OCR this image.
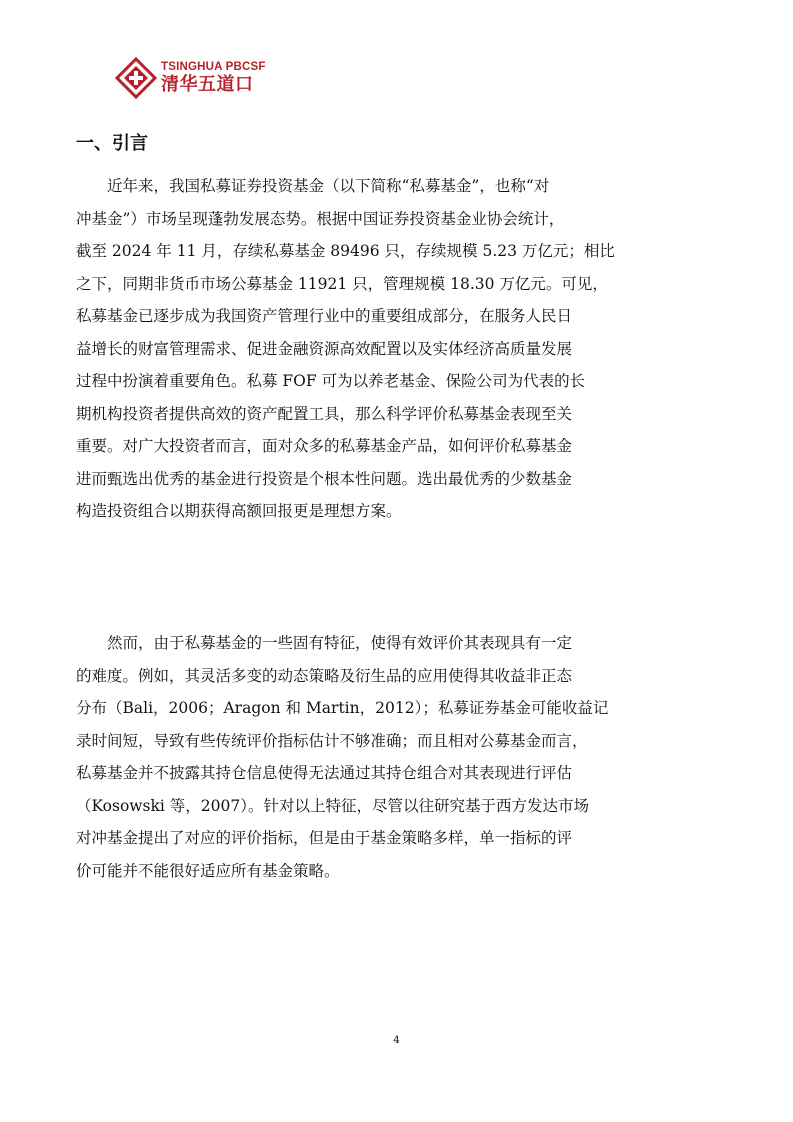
TSINGHUA PBCSF
清华五道口
一、引言
　　近年来，我国私募证券投资基金（以下简称“私募基金”，也称“对
冲基金”）市场呈现蓬勃发展态势。根据中国证券投资基金业协会统计，
截至 2024 年 11 月，存续私募基金 89496 只，存续规模 5.23 万亿元；相比
之下，同期非货币市场公募基金 11921 只，管理规模 18.30 万亿元。可见，
私募基金已逐步成为我国资产管理行业中的重要组成部分，在服务人民日
益增长的财富管理需求、促进金融资源高效配置以及实体经济高质量发展
过程中扮演着重要角色。私募 FOF 可为以养老基金、保险公司为代表的长
期机构投资者提供高效的资产配置工具，那么科学评价私募基金表现至关
重要。对广大投资者而言，面对众多的私募基金产品，如何评价私募基金
进而甄选出优秀的基金进行投资是个根本性问题。选出最优秀的少数基金
构造投资组合以期获得高额回报更是理想方案。
　　然而，由于私募基金的一些固有特征，使得有效评价其表现具有一定
的难度。例如，其灵活多变的动态策略及衍生品的应用使得其收益非正态
分布（Bali，2006；Aragon 和 Martin，2012）；私募证券基金可能收益记
录时间短，导致有些传统评价指标估计不够准确；而且相对公募基金而言，
私募基金并不披露其持仓信息使得无法通过其持仓组合对其表现进行评估
（Kosowski 等，2007）。针对以上特征，尽管以往研究基于西方发达市场
对冲基金提出了对应的评价指标，但是由于基金策略多样，单一指标的评
价可能并不能很好适应所有基金策略。
4
